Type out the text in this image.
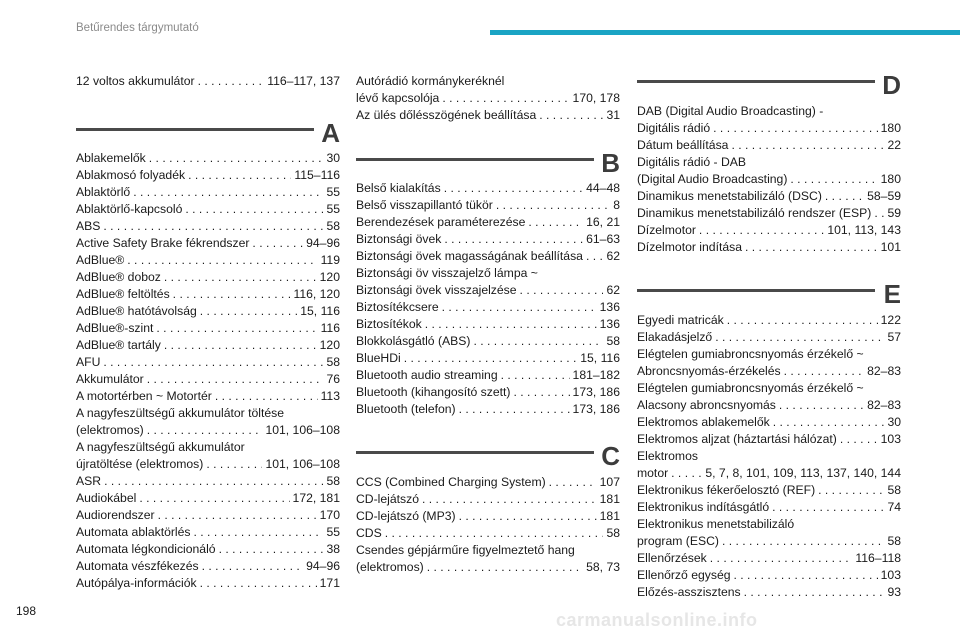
Betűrendes tárgymutató
12 voltos akkumulátor . . .	116–117, 137
A
Ablakemelők . . .	30
Ablakmosó folyadék . . .	115–116
Ablaktörlő . . .	55
Ablaktörlő-kapcsoló . . .	55
ABS . . .	58
Active Safety Brake fékrendszer . . .	94–96
AdBlue® . . .	119
AdBlue® doboz . . .	120
AdBlue® feltöltés . . .	116, 120
AdBlue® hatótávolság . . .	15, 116
AdBlue®-szint . . .	116
AdBlue® tartály . . .	120
AFU . . .	58
Akkumulátor . . .	76
A motortérben ~ Motortér . . .	113
A nagyfeszültségű akkumulátor töltése
(elektromos) . . .	101, 106–108
A nagyfeszültségű akkumulátor
újratöltése (elektromos) . . .	101, 106–108
ASR . . .	58
Audiokábel . . .	172, 181
Audiorendszer . . .	170
Automata ablaktörlés . . .	55
Automata légkondicionáló . . .	38
Automata vészfékezés . . .	94–96
Autópálya-információk . . .	171
Autórádió kormánykeréknél
lévő kapcsolója . . .	170, 178
Az ülés dőlésszögének beállítása . . .	31
B
Belső kialakítás . . .	44–48
Belső visszapillantó tükör . . .	8
Berendezések paraméterezése . . .	16, 21
Biztonsági övek . . .	61–63
Biztonsági övek magasságának beállítása . . . 62
Biztonsági öv visszajelző lámpa ~
Biztonsági övek visszajelzése . . .	62
Biztosítékcsere . . .	136
Biztosítékok . . .	136
Blokkolásgátló (ABS) . . .	58
BlueHDi . . .	15, 116
Bluetooth audio streaming . . .	181–182
Bluetooth (kihangosító szett) . . .	173, 186
Bluetooth (telefon) . . .	173, 186
C
CCS (Combined Charging System) . . .	107
CD-lejátszó . . .	181
CD-lejátszó (MP3) . . .	181
CDS . . .	58
Csendes gépjárműre figyelmeztető hang
(elektromos) . . .	58, 73
D
DAB (Digital Audio Broadcasting) -
Digitális rádió . . .	180
Dátum beállítása . . .	22
Digitális rádió - DAB
(Digital Audio Broadcasting) . . .	180
Dinamikus menetstabilizáló (DSC) . . .	58–59
Dinamikus menetstabilizáló rendszer (ESP) . . . 59
Dízelmotor . . .	101, 113, 143
Dízelmotor indítása . . .	101
E
Egyedi matricák . . .	122
Elakadásjelző . . .	57
Elégtelen gumiabroncsnyomás érzékelő ~
Abroncsnyomás-érzékelés . . .	82–83
Elégtelen gumiabroncsnyomás érzékelő ~
Alacsony abroncsnyomás . . .	82–83
Elektromos ablakemelők . . .	30
Elektromos aljzat (háztartási hálózat) . . .	103
Elektromos
motor . . .	5, 7, 8, 101, 109, 113, 137, 140, 144
Elektronikus fékerőelosztó (REF) . . .	58
Elektronikus indításgátló . . .	74
Elektronikus menetstabilizáló
program (ESC) . . .	58
Ellenőrzések . . .	116–118
Ellenőrző egység . . .	103
Előzés-asszisztens . . .	93
198	carmanualsonline.info
